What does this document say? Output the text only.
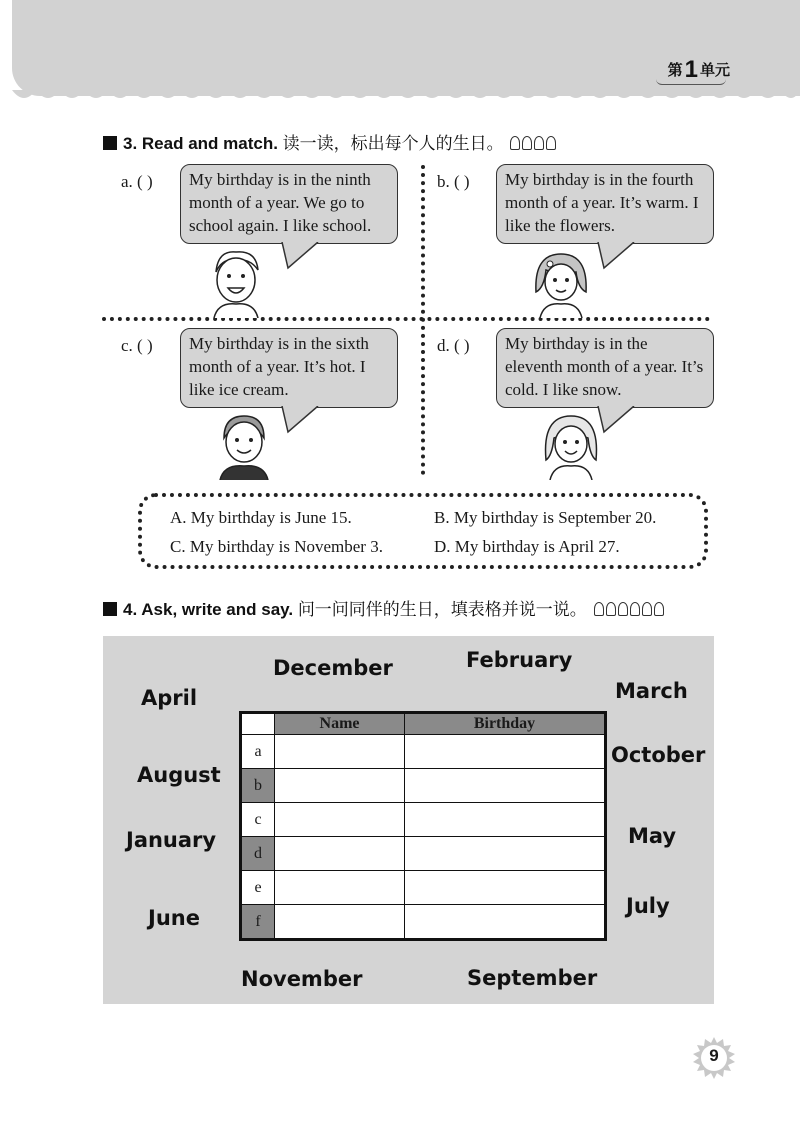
第1 单元
3. Read and match. 读一读，标出每个人的生日。
a. ( )	My birthday is in the ninth month of a year. We go to school again. I like school.
b. ( )	My birthday is in the fourth month of a year. It’s warm. I like the flowers.
c. ( )	My birthday is in the sixth month of a year. It’s hot. I like ice cream.
d. ( )	My birthday is in the eleventh month of a year. It’s cold. I like snow.
A. My birthday is June 15.	B. My birthday is September 20.
C. My birthday is November 3.	D. My birthday is April 27.
4. Ask, write and say. 问一问同伴的生日，填表格并说一说。
December	February
April	March
August
October
January	May
June	July
November	September
	Name	Birthday
a		
b		
c		
d		
e		
f		
9
